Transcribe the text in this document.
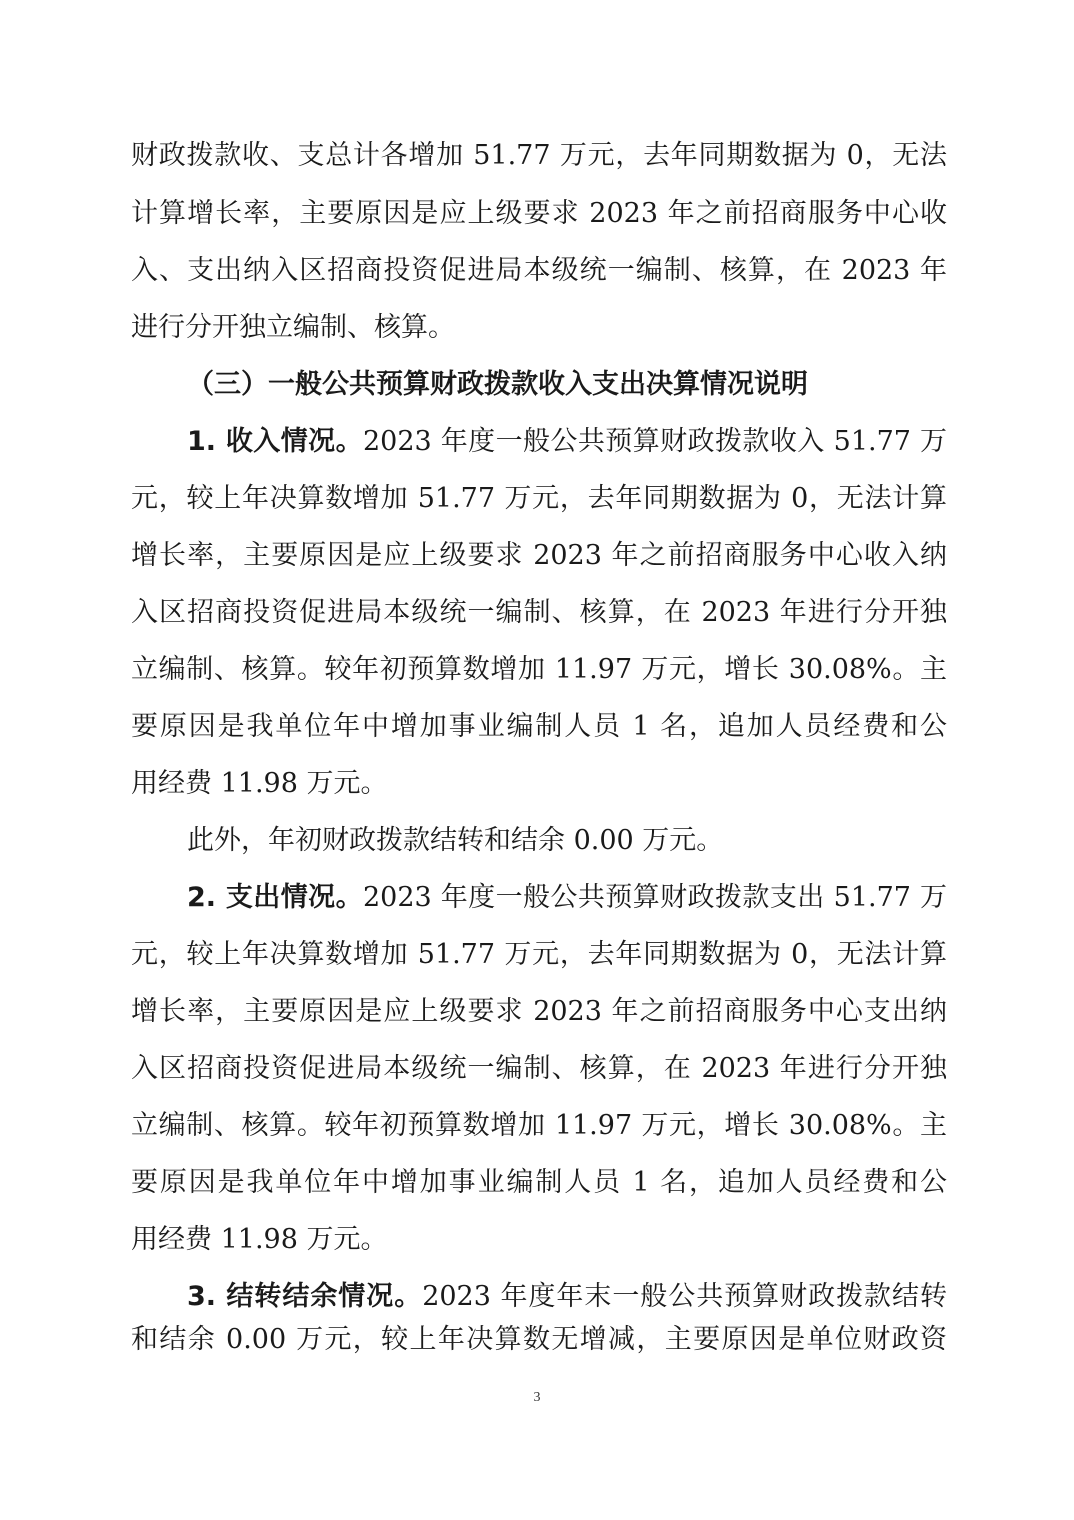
财政拨款收、支总计各增加 51.77 万元，去年同期数据为 0，无法
计算增长率，主要原因是应上级要求 2023 年之前招商服务中心收
入、支出纳入区招商投资促进局本级统一编制、核算，在 2023 年
进行分开独立编制、核算。
（三）一般公共预算财政拨款收入支出决算情况说明
1. 收入情况。2023 年度一般公共预算财政拨款收入 51.77 万
元，较上年决算数增加 51.77 万元，去年同期数据为 0，无法计算
增长率，主要原因是应上级要求 2023 年之前招商服务中心收入纳
入区招商投资促进局本级统一编制、核算，在 2023 年进行分开独
立编制、核算。较年初预算数增加 11.97 万元，增长 30.08%。主
要原因是我单位年中增加事业编制人员 1 名，追加人员经费和公
用经费 11.98 万元。
此外，年初财政拨款结转和结余 0.00 万元。
2. 支出情况。2023 年度一般公共预算财政拨款支出 51.77 万
元，较上年决算数增加 51.77 万元，去年同期数据为 0，无法计算
增长率，主要原因是应上级要求 2023 年之前招商服务中心支出纳
入区招商投资促进局本级统一编制、核算，在 2023 年进行分开独
立编制、核算。较年初预算数增加 11.97 万元，增长 30.08%。主
要原因是我单位年中增加事业编制人员 1 名，追加人员经费和公
用经费 11.98 万元。
3. 结转结余情况。2023 年度年末一般公共预算财政拨款结转
和结余 0.00 万元，较上年决算数无增减，主要原因是单位财政资
3
